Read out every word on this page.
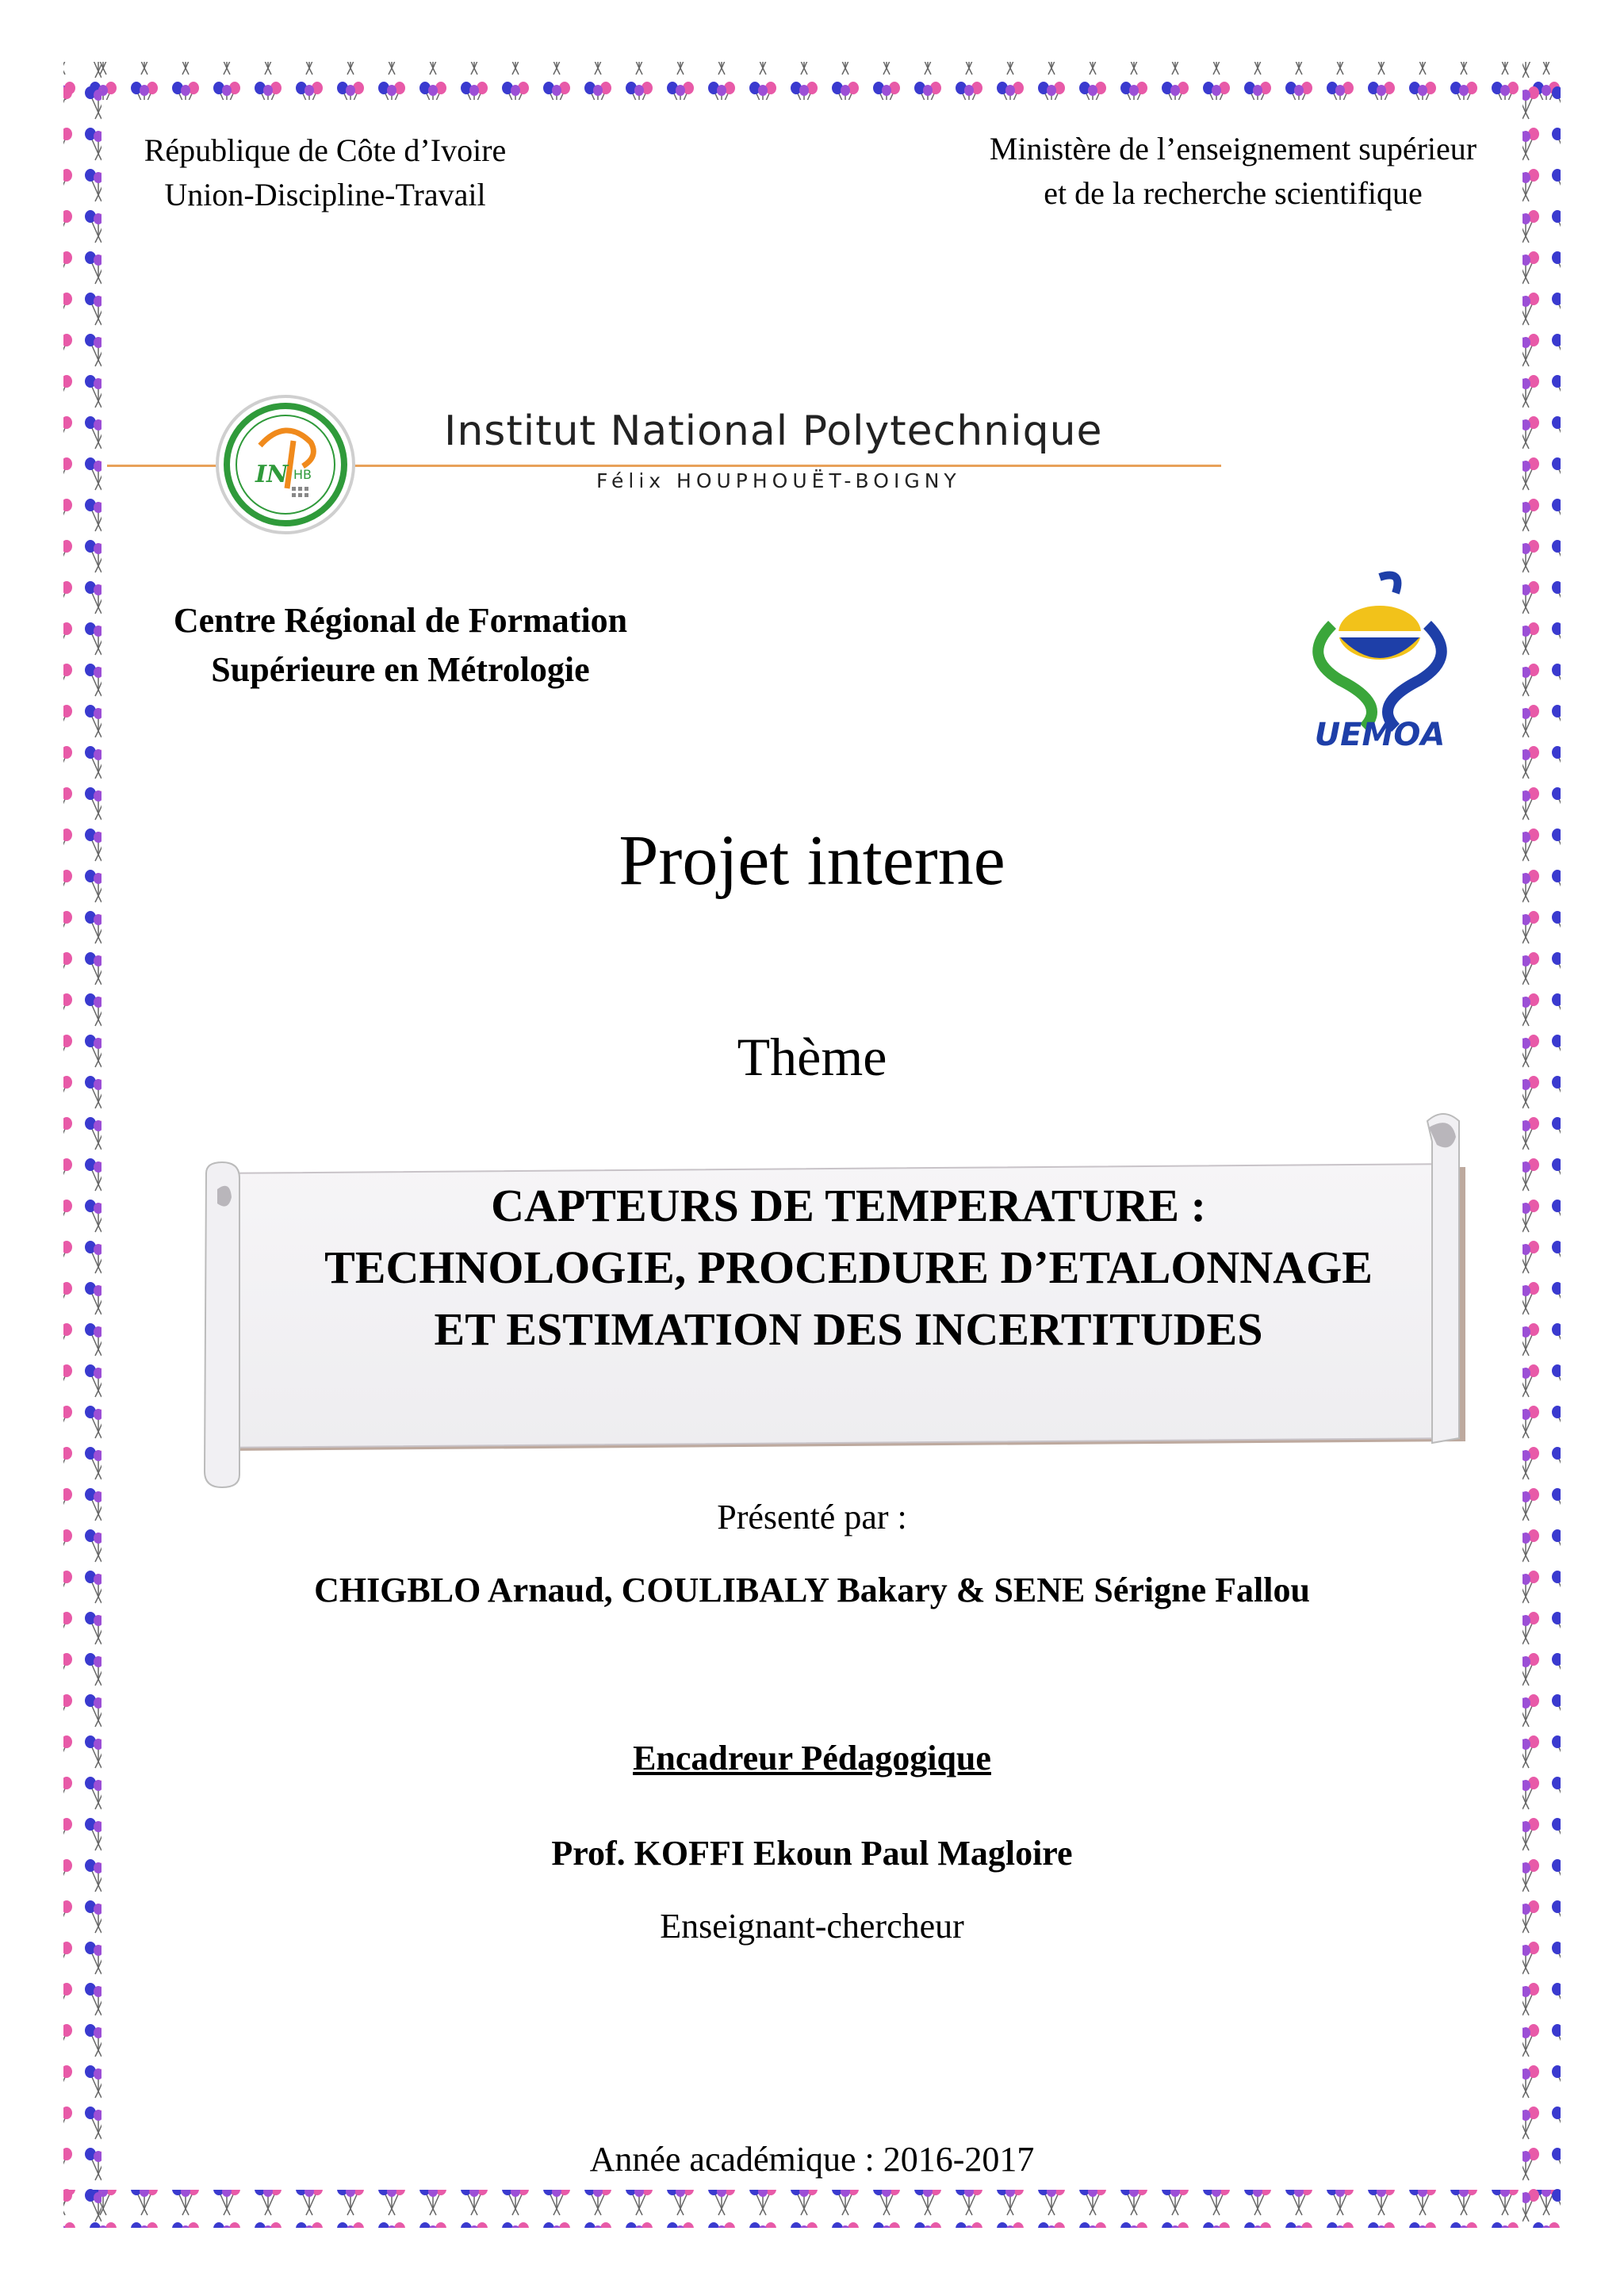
République de Côte d’Ivoire
Union-Discipline-Travail
Ministère de l’enseignement supérieur
et de la recherche scientifique
IN HB
Institut National Polytechnique
Félix HOUPHOUËT-BOIGNY
Centre Régional de Formation
Supérieure en Métrologie
UEMOA
Projet interne
Thème
CAPTEURS DE TEMPERATURE :
TECHNOLOGIE, PROCEDURE D’ETALONNAGE
ET ESTIMATION DES INCERTITUDES
Présenté par :
CHIGBLO Arnaud, COULIBALY Bakary & SENE Sérigne Fallou
Encadreur Pédagogique
Prof. KOFFI Ekoun Paul Magloire
Enseignant-chercheur
Année académique : 2016-2017
